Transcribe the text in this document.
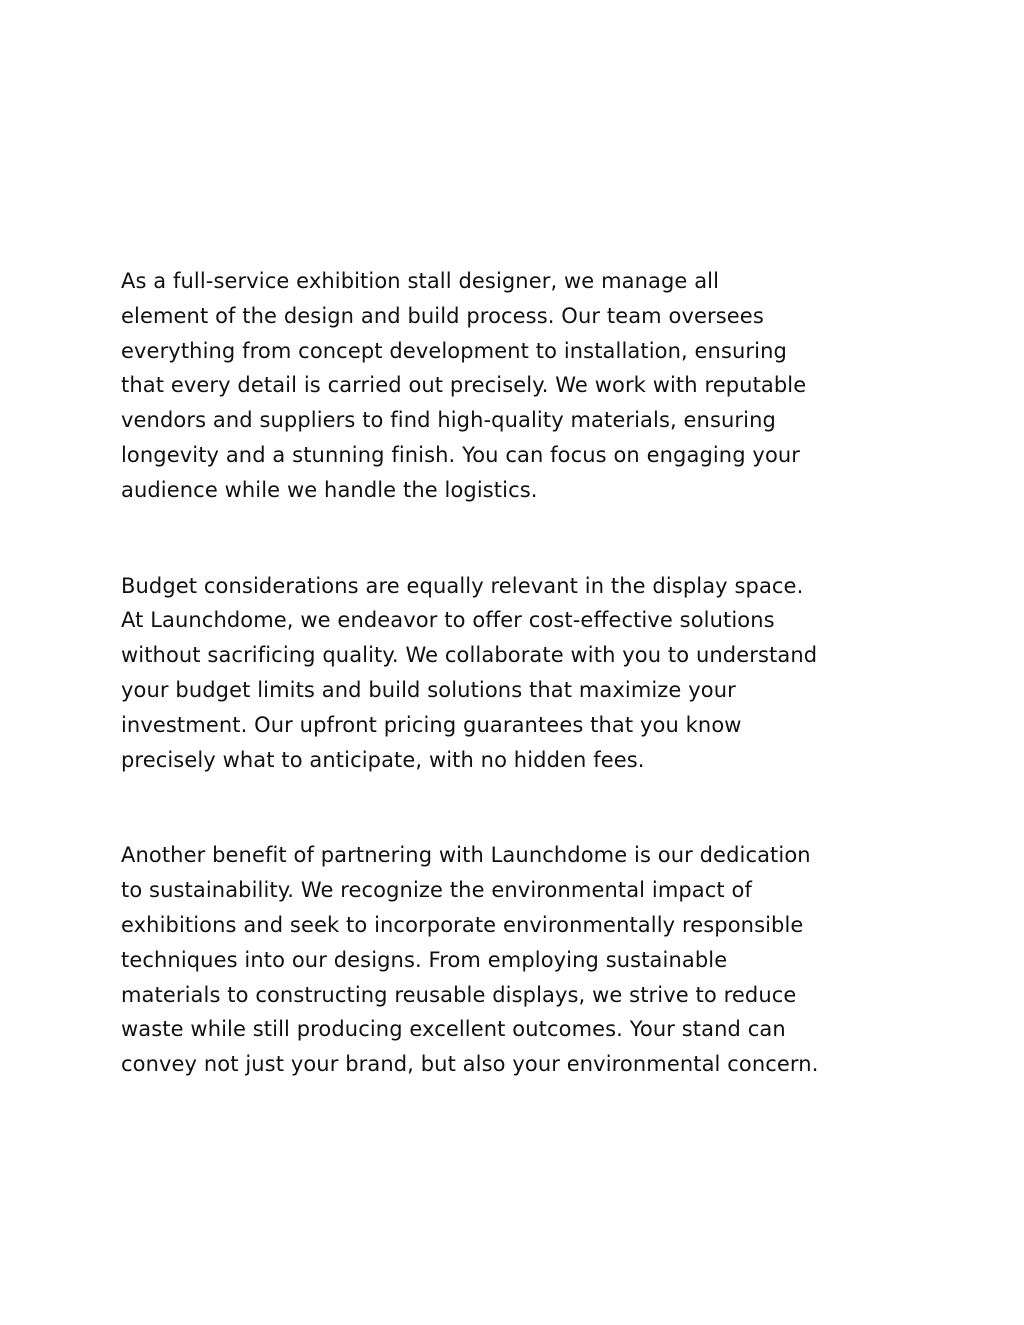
As a full-service exhibition stall designer, we manage all
element of the design and build process. Our team oversees
everything from concept development to installation, ensuring
that every detail is carried out precisely. We work with reputable
vendors and suppliers to find high-quality materials, ensuring
longevity and a stunning finish. You can focus on engaging your
audience while we handle the logistics.

Budget considerations are equally relevant in the display space.
At Launchdome, we endeavor to offer cost-effective solutions
without sacrificing quality. We collaborate with you to understand
your budget limits and build solutions that maximize your
investment. Our upfront pricing guarantees that you know
precisely what to anticipate, with no hidden fees.

Another benefit of partnering with Launchdome is our dedication
to sustainability. We recognize the environmental impact of
exhibitions and seek to incorporate environmentally responsible
techniques into our designs. From employing sustainable
materials to constructing reusable displays, we strive to reduce
waste while still producing excellent outcomes. Your stand can
convey not just your brand, but also your environmental concern.
